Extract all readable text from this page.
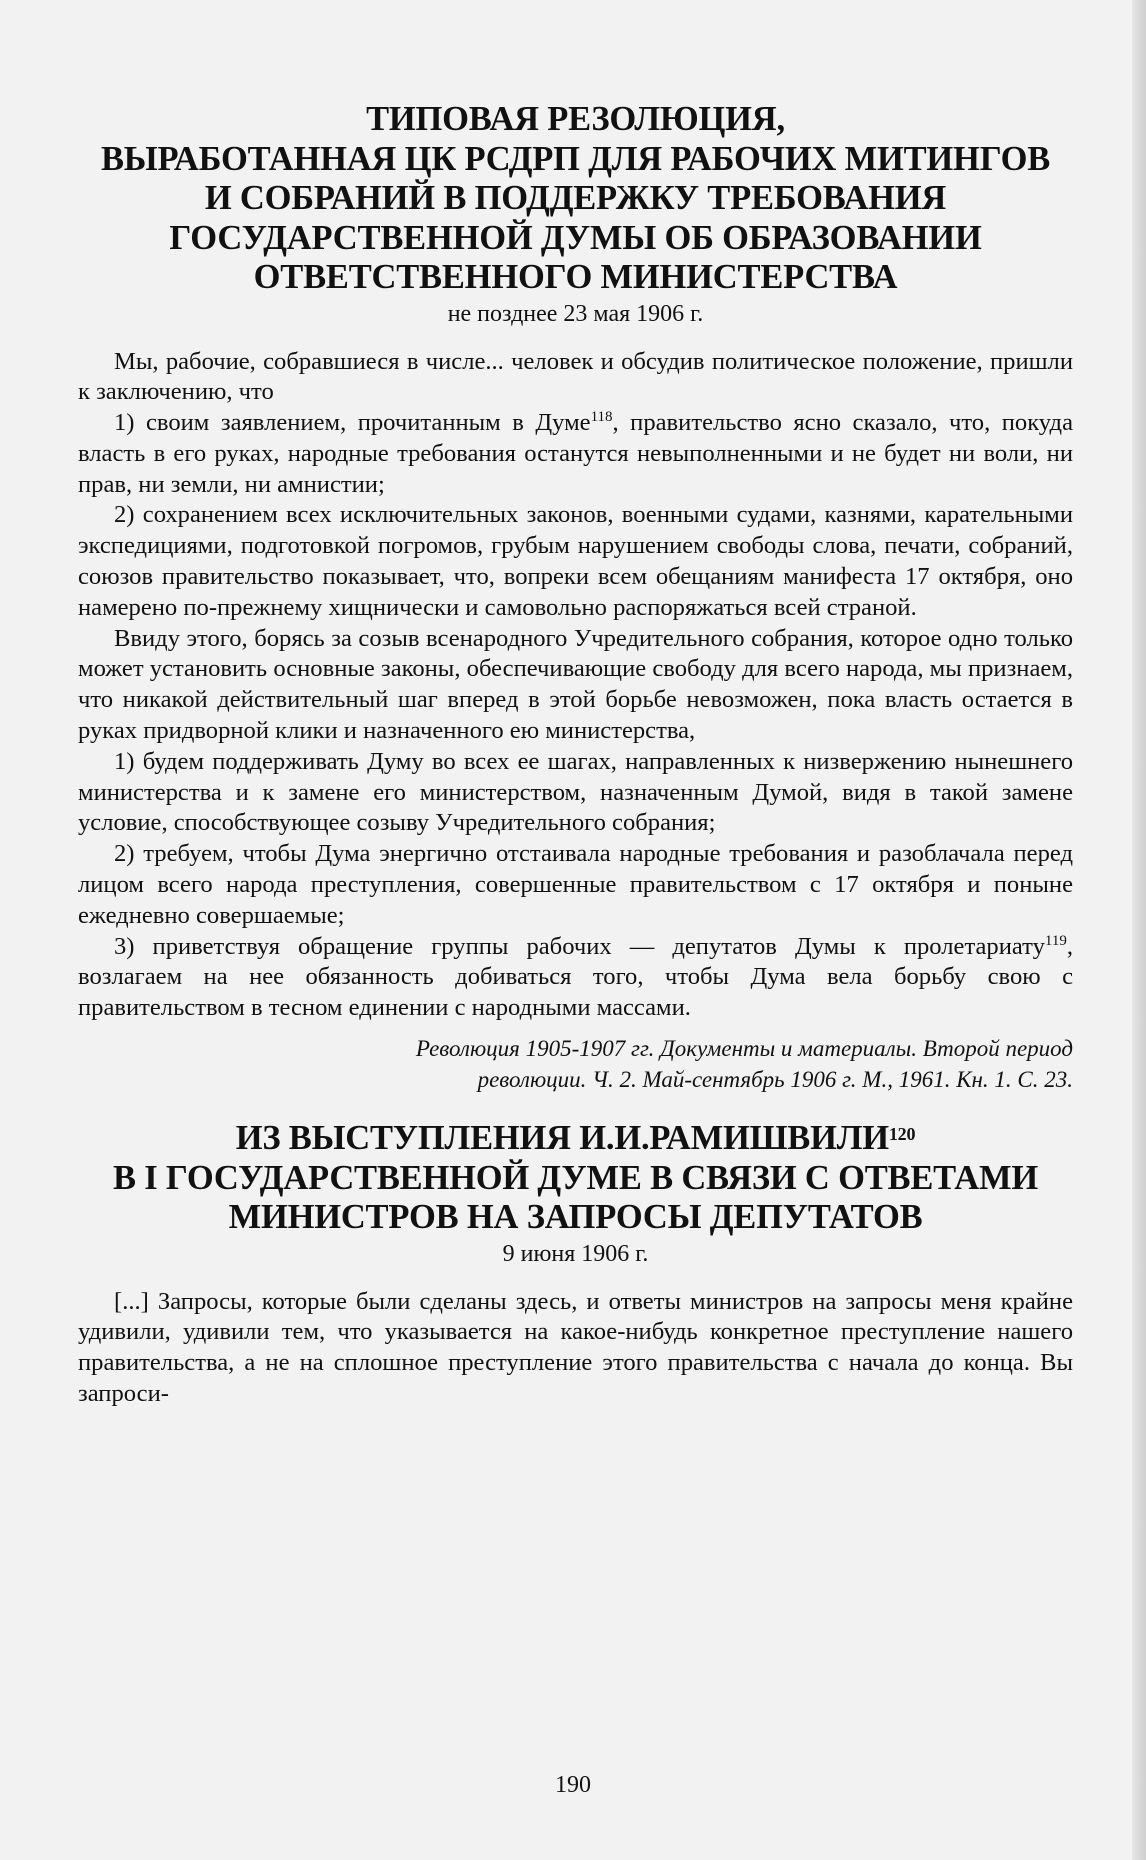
ТИПОВАЯ РЕЗОЛЮЦИЯ,
ВЫРАБОТАННАЯ ЦК РСДРП ДЛЯ РАБОЧИХ МИТИНГОВ
И СОБРАНИЙ В ПОДДЕРЖКУ ТРЕБОВАНИЯ
ГОСУДАРСТВЕННОЙ ДУМЫ ОБ ОБРАЗОВАНИИ
ОТВЕТСТВЕННОГО МИНИСТЕРСТВА
не позднее 23 мая 1906 г.

Мы, рабочие, собравшиеся в числе... человек и обсудив политическое положение, пришли к заключению, что

1) своим заявлением, прочитанным в Думе$^{118}$, правительство ясно сказало, что, покуда власть в его руках, народные требования останутся невыполненными и не будет ни воли, ни прав, ни земли, ни амнистии;

2) сохранением всех исключительных законов, военными судами, казнями, карательными экспедициями, подготовкой погромов, грубым нарушением свободы слова, печати, собраний, союзов правительство показывает, что, вопреки всем обещаниям манифеста 17 октября, оно намерено по-прежнему хищнически и самовольно распоряжаться всей страной.

Ввиду этого, борясь за созыв всенародного Учредительного собрания, которое одно только может установить основные законы, обеспечивающие свободу для всего народа, мы признаем, что никакой действительный шаг вперед в этой борьбе невозможен, пока власть остается в руках придворной клики и назначенного ею министерства,

1) будем поддерживать Думу во всех ее шагах, направленных к низвержению нынешнего министерства и к замене его министерством, назначенным Думой, видя в такой замене условие, способствующее созыву Учредительного собрания;

2) требуем, чтобы Дума энергично отстаивала народные требования и разоблачала перед лицом всего народа преступления, совершенные правительством с 17 октября и поныне ежедневно совершаемые;

3) приветствуя обращение группы рабочих — депутатов Думы к пролетариату$^{119}$, возлагаем на нее обязанность добиваться того, чтобы Дума вела борьбу свою с правительством в тесном единении с народными массами.

Революция 1905-1907 гг. Документы и материалы. Второй период
революции. Ч. 2. Май-сентябрь 1906 г. М., 1961. Кн. 1. С. 23.
ИЗ ВЫСТУПЛЕНИЯ И.И.РАМИШВИЛИ$^{120}$
В I ГОСУДАРСТВЕННОЙ ДУМЕ В СВЯЗИ С ОТВЕТАМИ
МИНИСТРОВ НА ЗАПРОСЫ ДЕПУТАТОВ
9 июня 1906 г.

[...] Запросы, которые были сделаны здесь, и ответы министров на запросы меня крайне удивили, удивили тем, что указывается на какое-нибудь конкретное преступление нашего правительства, а не на сплошное преступление этого правительства с начала до конца. Вы запроси-

190
